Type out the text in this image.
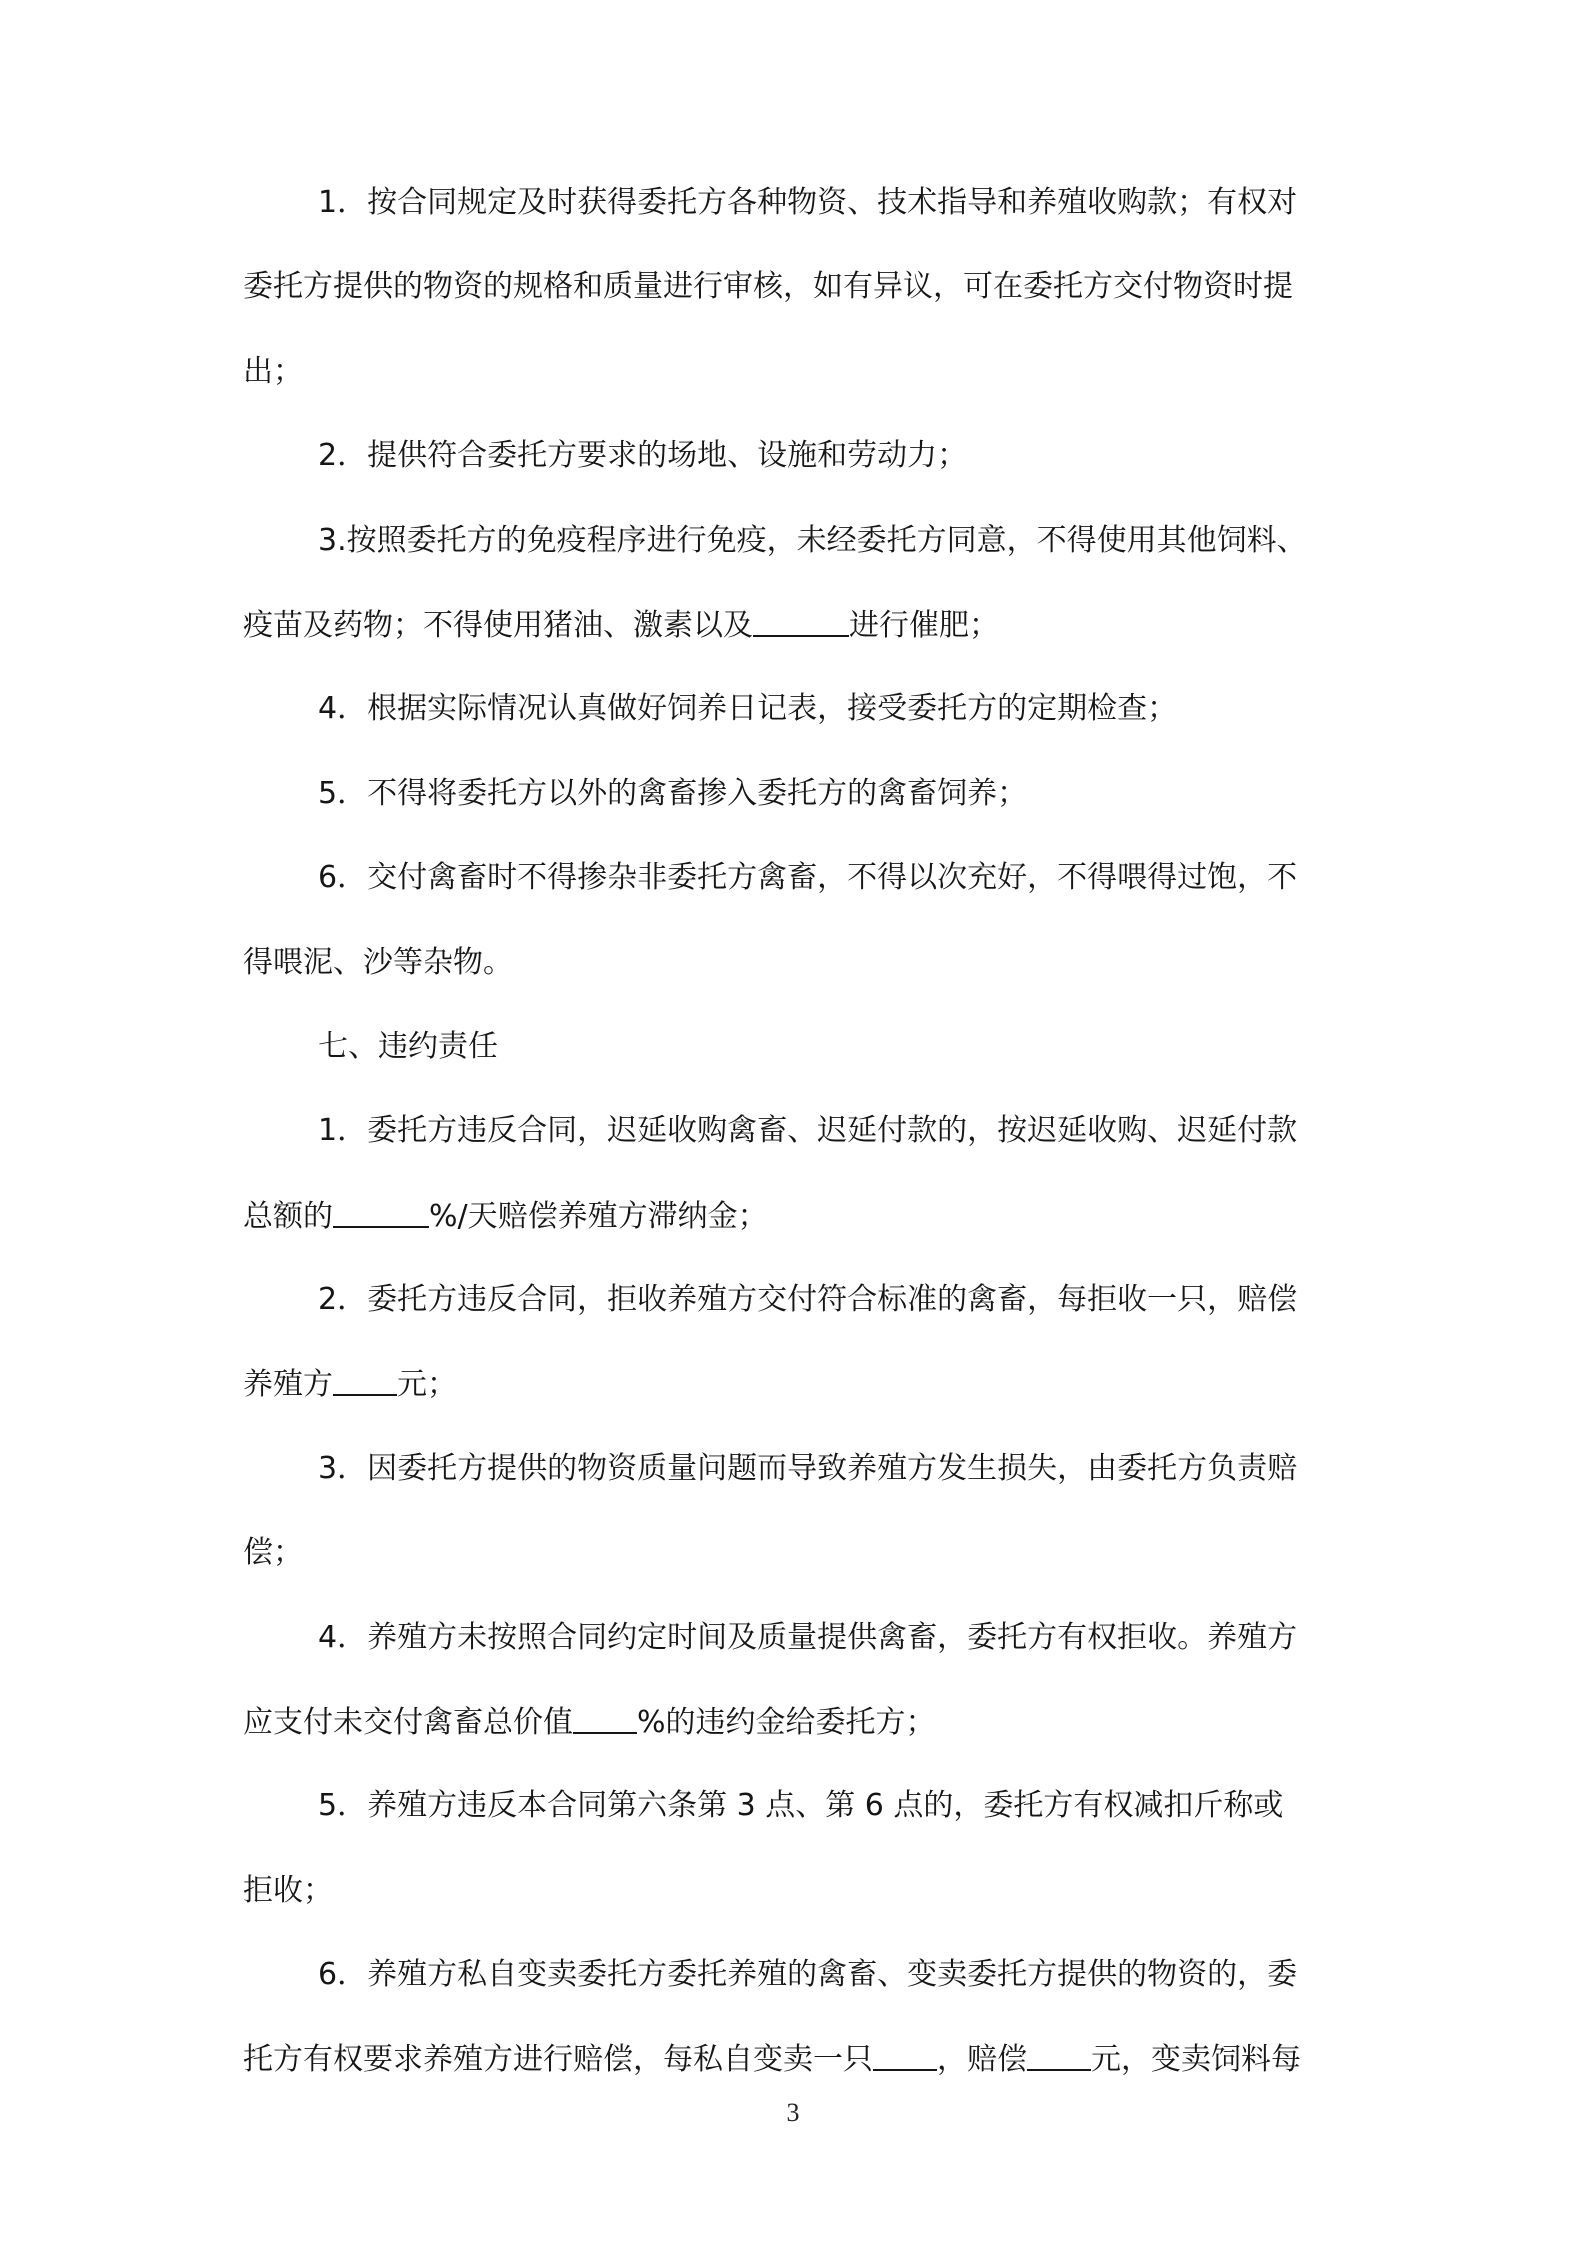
1．按合同规定及时获得委托方各种物资、技术指导和养殖收购款；有权对
委托方提供的物资的规格和质量进行审核，如有异议，可在委托方交付物资时提
出；
2．提供符合委托方要求的场地、设施和劳动力；
3.按照委托方的免疫程序进行免疫，未经委托方同意，不得使用其他饲料、
疫苗及药物；不得使用猪油、激素以及	进行催肥；
4．根据实际情况认真做好饲养日记表，接受委托方的定期检查；
5．不得将委托方以外的禽畜掺入委托方的禽畜饲养；
6．交付禽畜时不得掺杂非委托方禽畜，不得以次充好，不得喂得过饱，不
得喂泥、沙等杂物。
七、违约责任
1．委托方违反合同，迟延收购禽畜、迟延付款的，按迟延收购、迟延付款
总额的	%/天赔偿养殖方滞纳金；
2．委托方违反合同，拒收养殖方交付符合标准的禽畜，每拒收一只，赔偿
养殖方 元；
3．因委托方提供的物资质量问题而导致养殖方发生损失，由委托方负责赔
偿；
4．养殖方未按照合同约定时间及质量提供禽畜，委托方有权拒收。养殖方
应支付未交付禽畜总价值 %的违约金给委托方；
5．养殖方违反本合同第六条第 3 点、第 6 点的，委托方有权减扣斤称或
拒收；
6．养殖方私自变卖委托方委托养殖的禽畜、变卖委托方提供的物资的，委
托方有权要求养殖方进行赔偿，每私自变卖一只 ，赔偿 元，变卖饲料每
3
